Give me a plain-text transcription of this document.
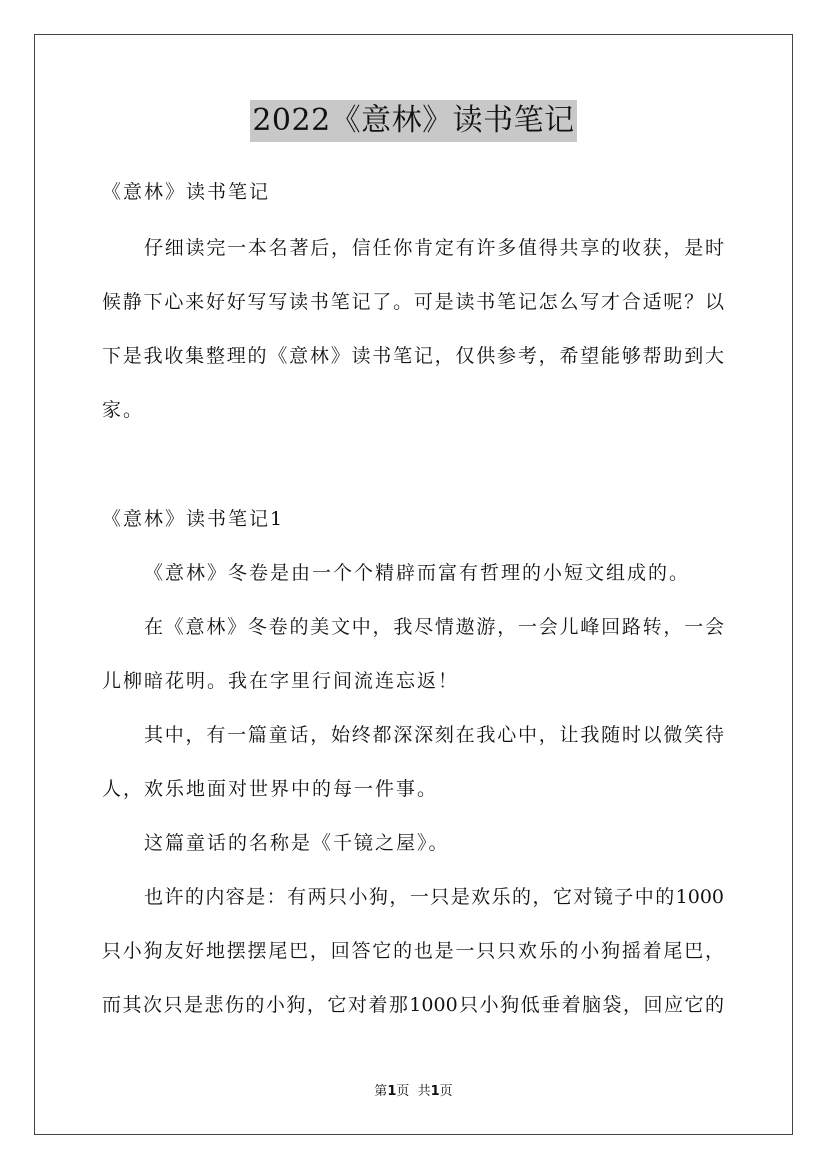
2022《意林》读书笔记
《意林》读书笔记
仔细读完一本名著后，信任你肯定有许多值得共享的收获，是时
候静下心来好好写写读书笔记了。可是读书笔记怎么写才合适呢？以
下是我收集整理的《意林》读书笔记，仅供参考，希望能够帮助到大
家。
《意林》读书笔记1
《意林》冬卷是由一个个精辟而富有哲理的小短文组成的。
在《意林》冬卷的美文中，我尽情遨游，一会儿峰回路转，一会
儿柳暗花明。我在字里行间流连忘返！
其中，有一篇童话，始终都深深刻在我心中，让我随时以微笑待
人，欢乐地面对世界中的每一件事。
这篇童话的名称是《千镜之屋》。
也许的内容是：有两只小狗，一只是欢乐的，它对镜子中的1000
只小狗友好地摆摆尾巴，回答它的也是一只只欢乐的小狗摇着尾巴，
而其次只是悲伤的小狗，它对着那1000只小狗低垂着脑袋，回应它的
第1页  共1页
